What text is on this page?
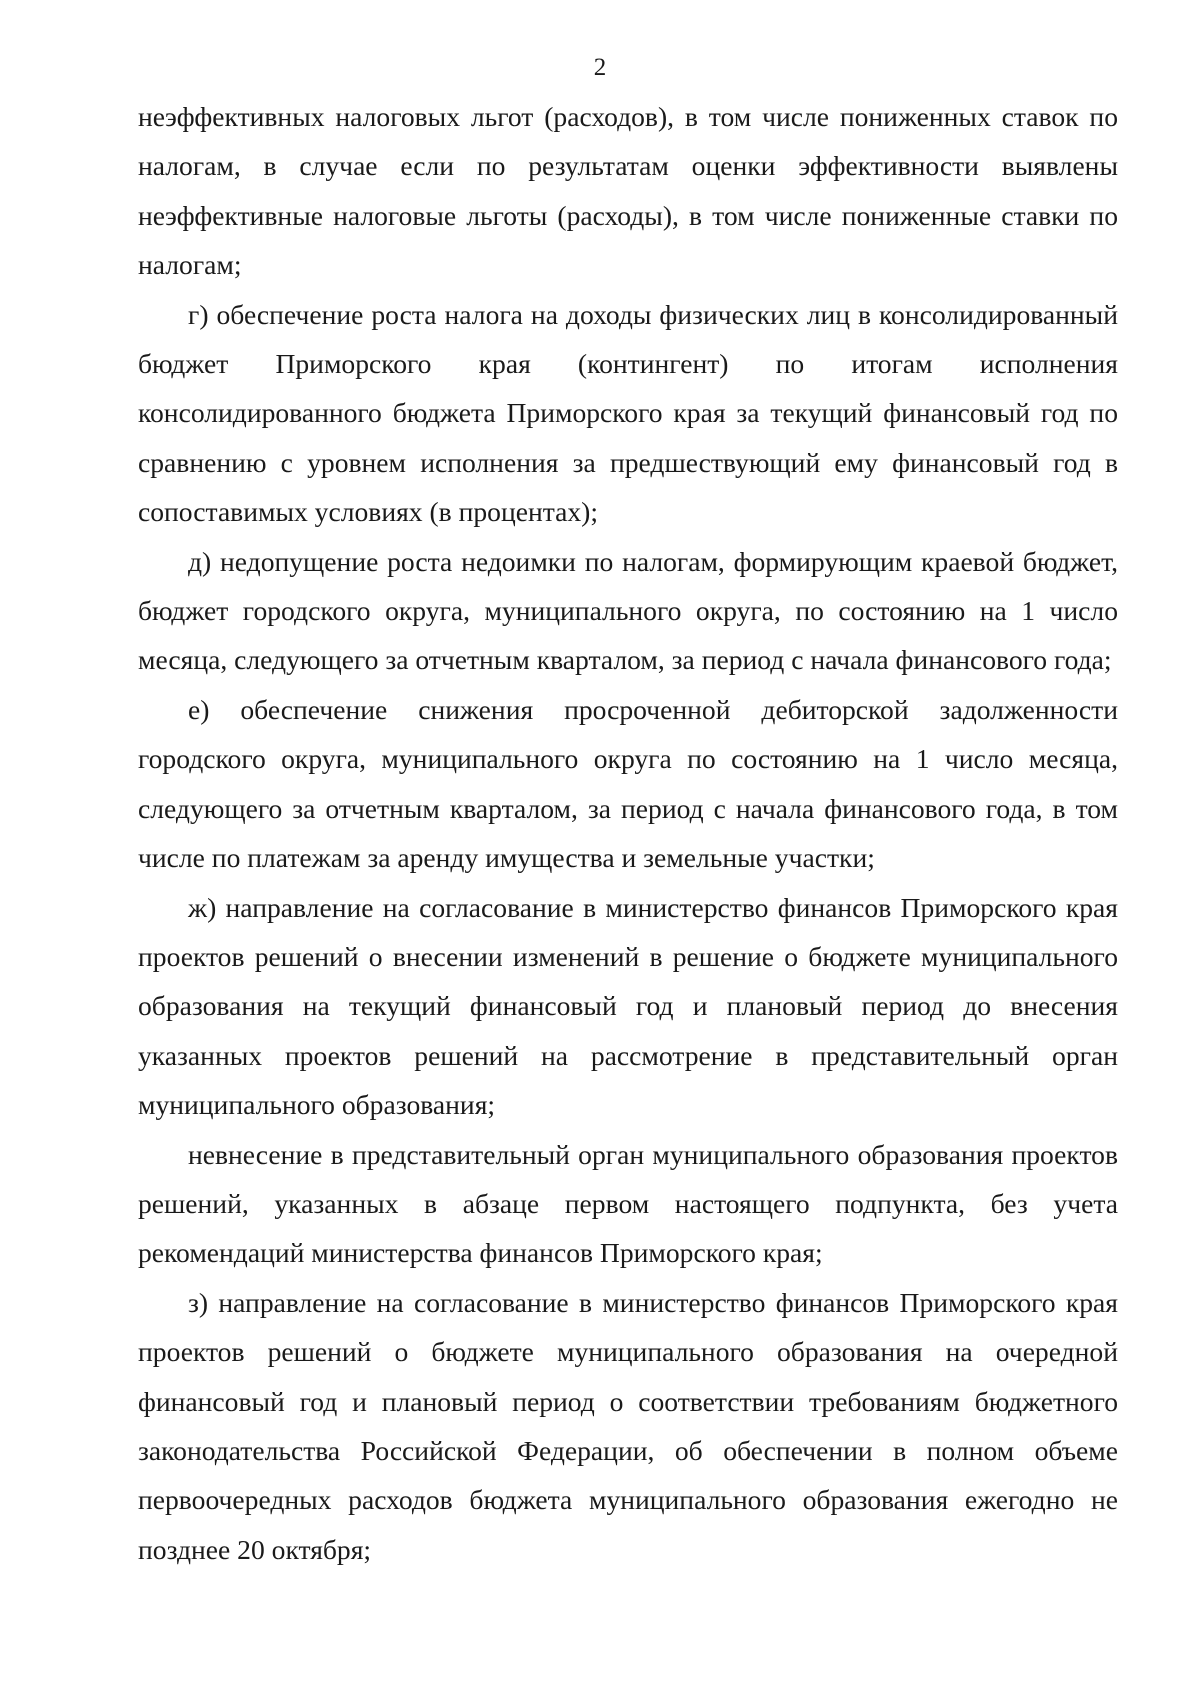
2

неэффективных налоговых льгот (расходов), в том числе пониженных ставок по налогам, в случае если по результатам оценки эффективности выявлены неэффективные налоговые льготы (расходы), в том числе пониженные ставки по налогам;

г) обеспечение роста налога на доходы физических лиц в консолидированный бюджет Приморского края (контингент) по итогам исполнения консолидированного бюджета Приморского края за текущий финансовый год по сравнению с уровнем исполнения за предшествующий ему финансовый год в сопоставимых условиях (в процентах);

д) недопущение роста недоимки по налогам, формирующим краевой бюджет, бюджет городского округа, муниципального округа, по состоянию на 1 число месяца, следующего за отчетным кварталом, за период с начала финансового года;

е) обеспечение снижения просроченной дебиторской задолженности городского округа, муниципального округа по состоянию на 1 число месяца, следующего за отчетным кварталом, за период с начала финансового года, в том числе по платежам за аренду имущества и земельные участки;

ж) направление на согласование в министерство финансов Приморского края проектов решений о внесении изменений в решение о бюджете муниципального образования на текущий финансовый год и плановый период до внесения указанных проектов решений на рассмотрение в представительный орган муниципального образования;

невнесение в представительный орган муниципального образования проектов решений, указанных в абзаце первом настоящего подпункта, без учета рекомендаций министерства финансов Приморского края;

з) направление на согласование в министерство финансов Приморского края проектов решений о бюджете муниципального образования на очередной финансовый год и плановый период о соответствии требованиям бюджетного законодательства Российской Федерации, об обеспечении в полном объеме первоочередных расходов бюджета муниципального образования ежегодно не позднее 20 октября;
